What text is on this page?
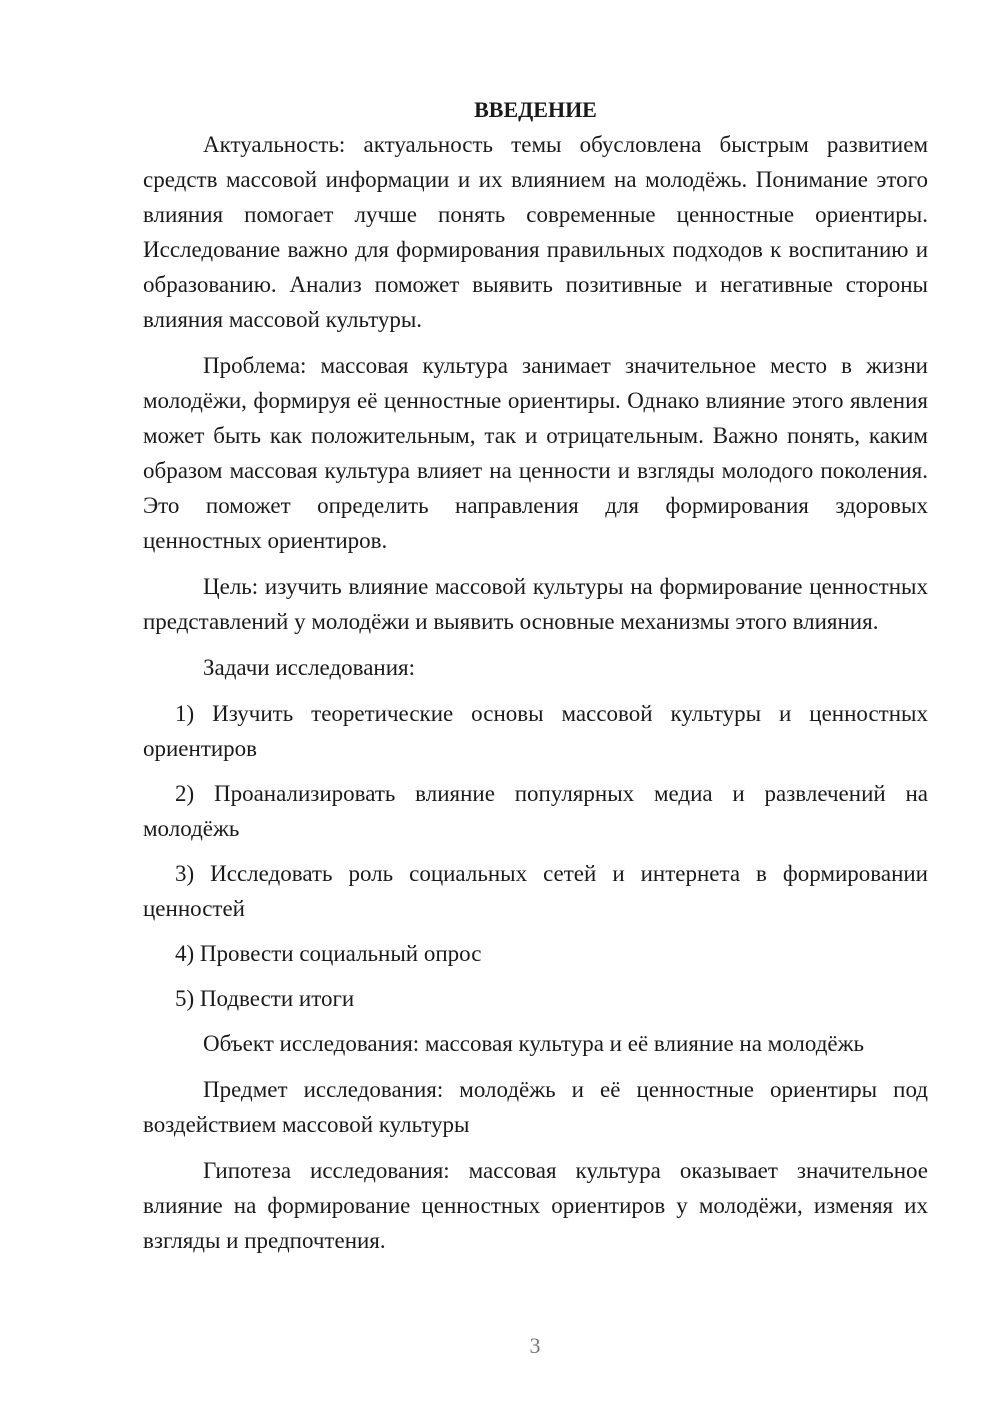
ВВЕДЕНИЕ

Актуальность: актуальность темы обусловлена быстрым развитием средств массовой информации и их влиянием на молодёжь. Понимание этого влияния помогает лучше понять современные ценностные ориентиры. Исследование важно для формирования правильных подходов к воспитанию и образованию. Анализ поможет выявить позитивные и негативные стороны влияния массовой культуры.

Проблема: массовая культура занимает значительное место в жизни молодёжи, формируя её ценностные ориентиры. Однако влияние этого явления может быть как положительным, так и отрицательным. Важно понять, каким образом массовая культура влияет на ценности и взгляды молодого поколения. Это поможет определить направления для формирования здоровых ценностных ориентиров.

Цель: изучить влияние массовой культуры на формирование ценностных представлений у молодёжи и выявить основные механизмы этого влияния.

Задачи исследования:

1) Изучить теоретические основы массовой культуры и ценностных ориентиров

2) Проанализировать влияние популярных медиа и развлечений на молодёжь

3) Исследовать роль социальных сетей и интернета в формировании ценностей

4) Провести социальный опрос

5) Подвести итоги

Объект исследования: массовая культура и её влияние на молодёжь

Предмет исследования: молодёжь и её ценностные ориентиры под воздействием массовой культуры

Гипотеза исследования: массовая культура оказывает значительное влияние на формирование ценностных ориентиров у молодёжи, изменяя их взгляды и предпочтения.

3
